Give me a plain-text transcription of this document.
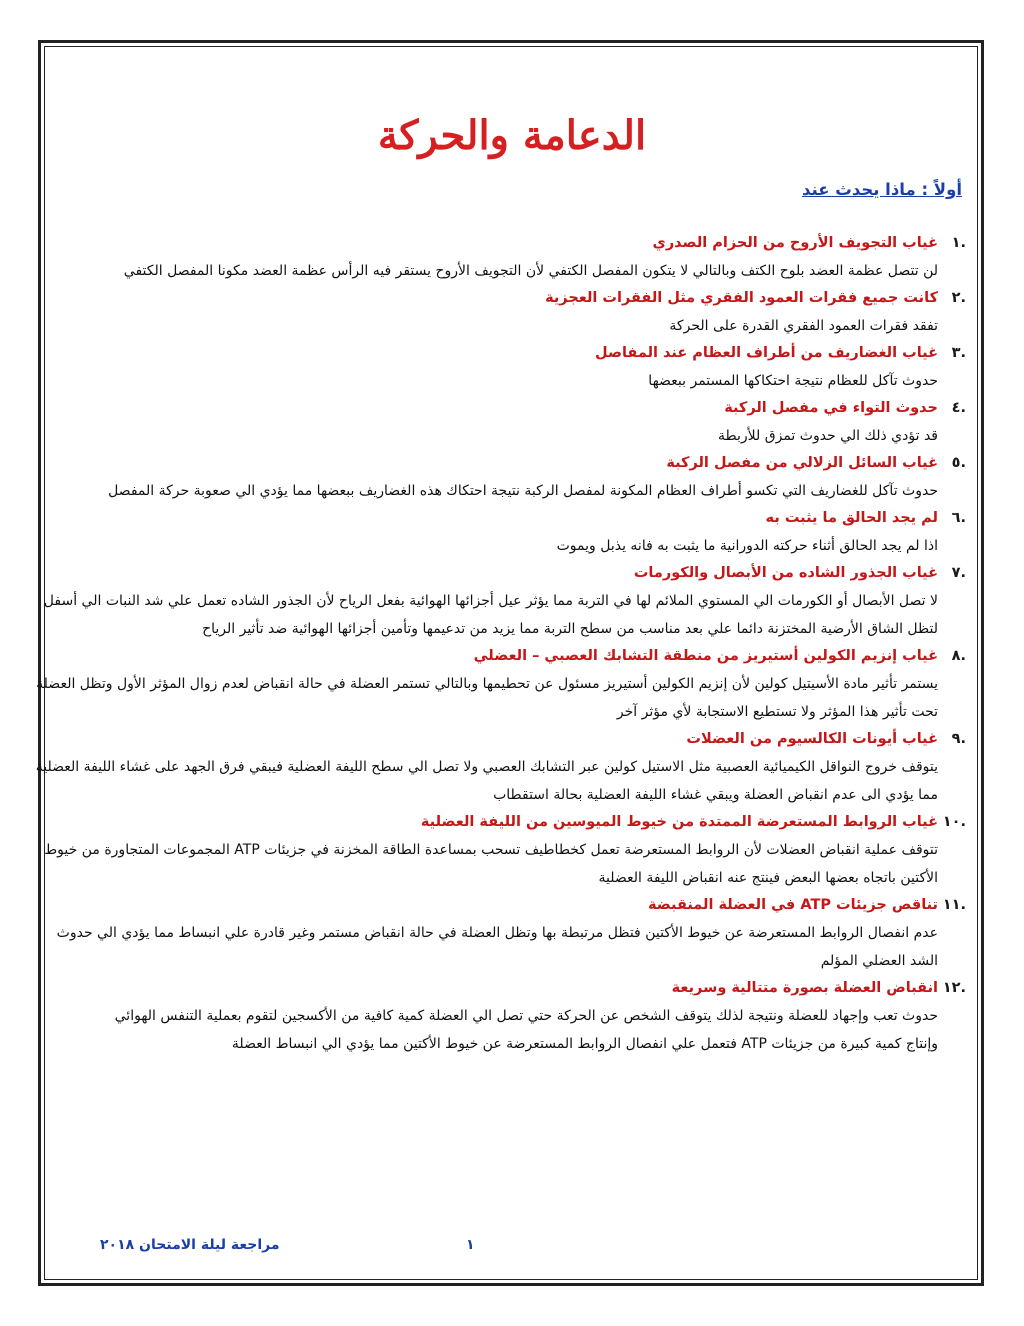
الدعامة والحركة
أولاً : ماذا يحدث عند
.١
غياب التجويف الأروح من الحزام الصدري

لن تتصل عظمة العضد بلوح الكتف وبالتالي لا يتكون المفصل الكتفي لأن التجويف الأروح يستقر فيه الرأس عظمة العضد مكونا المفصل الكتفي

.٢
كانت جميع فقرات العمود الفقري مثل الفقرات العجزية

تفقد فقرات العمود الفقري القدرة على الحركة

.٣
غياب الغضاريف من أطراف العظام عند المفاصل

حدوث تآكل للعظام نتيجة احتكاكها المستمر ببعضها

.٤
حدوث التواء في مفصل الركبة

قد تؤدي ذلك الي حدوث تمزق للأربطة

.٥
غياب السائل الزلالي من مفصل الركبة

حدوث تآكل للغضاريف التي تكسو أطراف العظام المكونة لمفصل الركبة نتيجة احتكاك هذه الغضاريف ببعضها مما يؤدي الي صعوبة حركة المفصل

.٦
لم يجد الحالق ما يثبت به

اذا لم يجد الحالق أثناء حركته الدورانية ما يثبت به فانه يذبل ويموت

.٧
غياب الجذور الشاده من الأبصال والكورمات

لا تصل الأبصال أو الكورمات الي المستوي الملائم لها في التربة مما يؤثر عيل أجزائها الهوائية بفعل الرياح لأن الجذور الشاده تعمل علي شد النبات الي أسفل لتظل الشاق الأرضية المختزنة دائما علي بعد مناسب من سطح التربة مما يزيد من تدعيمها وتأمين أجزائها الهوائية ضد تأثير الرياح

.٨
غياب إنزيم الكولين أستيريز من منطقة التشابك العصبي – العضلي

يستمر تأثير مادة الأسيتيل كولين لأن إنزيم الكولين أستيريز مسئول عن تحطيمها وبالتالي تستمر العضلة في حالة انقباض لعدم زوال المؤثر الأول وتظل العضلة تحت تأثير هذا المؤثر ولا تستطيع الاستجابة لأي مؤثر آخر

.٩
غياب أيونات الكالسيوم من العضلات

يتوقف خروج النواقل الكيميائية العصبية مثل الاستيل كولين عبر التشابك العصبي ولا تصل الي سطح الليفة العضلية فيبقي فرق الجهد على غشاء الليفة العضلية مما يؤدي الى عدم انقباض العضلة ويبقي غشاء الليفة العضلية بحالة استقطاب

.١٠
غياب الروابط المستعرضة الممتدة من خيوط الميوسين من الليفة العضلية

تتوقف عملية انقباض العضلات لأن الروابط المستعرضة تعمل كخطاطيف تسحب بمساعدة الطاقة المخزنة في جزيئات ATP المجموعات المتجاورة من خيوط الأكتين باتجاه بعضها البعض فينتج عنه انقباض الليفة العضلية

.١١
تناقص جزيئات ATP في العضلة المنقبضة

عدم انفصال الروابط المستعرضة عن خيوط الأكتين فتظل مرتبطة بها وتظل العضلة في حالة انقباض مستمر وغير قادرة علي انبساط مما يؤدي الي حدوث الشد العضلي المؤلم

.١٢
انقباض العضلة بصورة متتالية وسريعة

حدوث تعب وإجهاد للعضلة ونتيجة لذلك يتوقف الشخص عن الحركة حتي تصل الي العضلة كمية كافية من الأكسجين لتقوم بعملية التنفس الهوائي وإنتاج كمية كبيرة من جزيئات ATP فتعمل علي انفصال الروابط المستعرضة عن خيوط الأكتين مما يؤدي الي انبساط العضلة

مراجعة ليلة الامتحان ٢٠١٨	١
